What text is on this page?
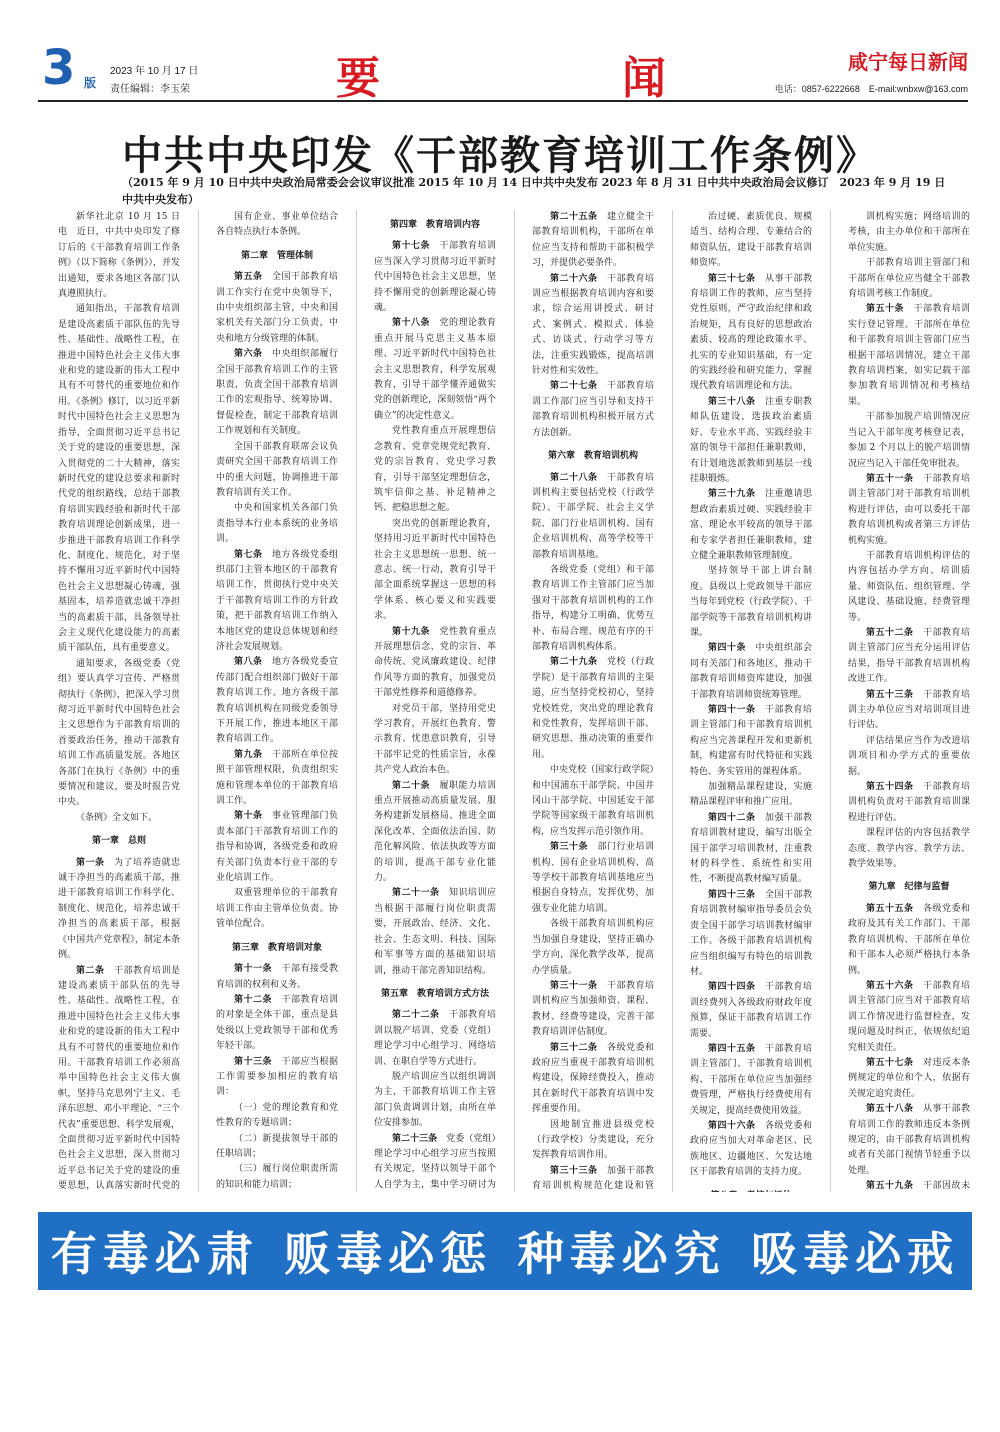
3 版
2023 年 10 月 17 日
责任编辑：李玉荣	要	闻	咸宁每日新闻
电话：0857-6222668　E-mail:wnbxw@163.com
中共中央印发《干部教育培训工作条例》
（2015 年 9 月 10 日中共中央政治局常委会会议审议批准 2015 年 10 月 14 日中共中央发布 2023 年 8 月 31 日中共中央政治局会议修订　2023 年 9 月 19 日中共中央发布）

新华社北京 10 月 15 日电　近日，中共中央印发了修订后的《干部教育培训工作条例》（以下简称《条例》），并发出通知，要求各地区各部门认真遵照执行。

通知指出，干部教育培训是建设高素质干部队伍的先导性、基础性、战略性工程，在推进中国特色社会主义伟大事业和党的建设新的伟大工程中具有不可替代的重要地位和作用。《条例》修订，以习近平新时代中国特色社会主义思想为指导，全面贯彻习近平总书记关于党的建设的重要思想，深入贯彻党的二十大精神，落实新时代党的建设总要求和新时代党的组织路线，总结干部教育培训实践经验和新时代干部教育培训理论创新成果，进一步推进干部教育培训工作科学化、制度化、规范化，对于坚持不懈用习近平新时代中国特色社会主义思想凝心铸魂，强基固本，培养造就忠诚干净担当的高素质干部，具备领导社会主义现代化建设能力的高素质干部队伍，具有重要意义。

通知要求，各级党委（党组）要认真学习宣传、严格贯彻执行《条例》，把深入学习贯彻习近平新时代中国特色社会主义思想作为干部教育培训的首要政治任务，推动干部教育培训工作高质量发展。各地区各部门在执行《条例》中的重要情况和建议，要及时报告党中央。

《条例》全文如下。

第一章　总则

第一条　 为了培养造就忠诚干净担当的高素质干部，推进干部教育培训工作科学化、制度化、规范化，培养忠诚干净担当的高素质干部，根据《中国共产党章程》，制定本条例。

第二条　 干部教育培训是建设高素质干部队伍的先导性、基础性、战略性工程，在推进中国特色社会主义伟大事业和党的建设新的伟大工程中具有不可替代的重要地位和作用。干部教育培训工作必须高举中国特色社会主义伟大旗帜，坚持马克思列宁主义、毛泽东思想、邓小平理论、“三个代表”重要思想、科学发展观，全面贯彻习近平新时代中国特色社会主义思想，深入贯彻习近平总书记关于党的建设的重要思想，认真落实新时代党的

国有企业、事业单位结合各自特点执行本条例。

第二章　管理体制

第五条　 全国干部教育培训工作实行在党中央领导下，由中央组织部主管，中央和国家机关有关部门分工负责，中央和地方分级管理的体制。

第六条　 中央组织部履行全国干部教育培训工作的主管职责，负责全国干部教育培训工作的宏观指导、统筹协调、督促检查，制定干部教育培训工作规划和有关制度。

全国干部教育联席会议负责研究全国干部教育培训工作中的重大问题，协调推进干部教育培训有关工作。

中央和国家机关各部门负责指导本行业本系统的业务培训。

第七条　 地方各级党委组织部门主管本地区的干部教育培训工作，贯彻执行党中央关于干部教育培训工作的方针政策，把干部教育培训工作纳入本地区党的建设总体规划和经济社会发展规划。

第八条　 地方各级党委宣传部门配合组织部门做好干部教育培训工作。地方各级干部教育培训机构在同级党委领导下开展工作，推进本地区干部教育培训工作。

第九条　 干部所在单位按照干部管理权限，负责组织实施和管理本单位的干部教育培训工作。

第十条　 事业管理部门负责本部门干部教育培训工作的指导和协调，各级党委和政府有关部门负责本行业干部的专业化培训工作。

双重管理单位的干部教育培训工作由主管单位负责。协管单位配合。

第三章　教育培训对象

第十一条　 干部有接受教育培训的权利和义务。

第十二条　 干部教育培训的对象是全体干部，重点是县处级以上党政领导干部和优秀年轻干部。

第十三条　 干部应当根据工作需要参加相应的教育培训：

（一）党的理论教育和党性教育的专题培训；

（二）新提拔领导干部的任职培训；

（三）履行岗位职责所需的知识和能力培训；

第四章　教育培训内容

第十七条　 干部教育培训应当深入学习贯彻习近平新时代中国特色社会主义思想，坚持不懈用党的创新理论凝心铸魂。

第十八条　 党的理论教育重点开展马克思主义基本原理、习近平新时代中国特色社会主义思想教育，科学发展观教育，引导干部学懂弄通做实党的创新理论，深刻领悟“两个确立”的决定性意义。

党性教育重点开展理想信念教育、党章党规党纪教育、党的宗旨教育、党史学习教育，引导干部坚定理想信念，筑牢信仰之基、补足精神之钙、把稳思想之舵。

突出党的创新理论教育，坚持用习近平新时代中国特色社会主义思想统一思想、统一意志、统一行动，教育引导干部全面系统掌握这一思想的科学体系、核心要义和实践要求。

第十九条　 党性教育重点开展理想信念、党的宗旨、革命传统、党风廉政建设、纪律作风等方面的教育，加强党员干部党性修养和道德修养。

对党员干部，坚持用党史学习教育，开展红色教育、警示教育、忧患意识教育，引导干部牢记党的性质宗旨，永葆共产党人政治本色。

第二十条　 履职能力培训重点开展推动高质量发展、服务构建新发展格局、推进全面深化改革、全面依法治国、防范化解风险、依法执政等方面的培训，提高干部专业化能力。

第二十一条　 知识培训应当根据干部履行岗位职责需要，开展政治、经济、文化、社会、生态文明、科技、国际和军事等方面的基础知识培训，推动干部完善知识结构。

第五章　教育培训方式方法

第二十二条　 干部教育培训以脱产培训、党委（党组）理论学习中心组学习、网络培训、在职自学等方式进行。

脱产培训应当以组织调训为主，干部教育培训工作主管部门负责调训计划，由所在单位安排参加。

第二十三条　 党委（党组）理论学习中心组学习应当按照有关规定，坚持以领导干部个人自学为主，集中学习研讨为

第二十五条　 建立健全干部教育培训机构，干部所在单位应当支持和帮助干部积极学习，并提供必要条件。

第二十六条　 干部教育培训应当根据教育培训内容和要求，综合运用讲授式、研讨式、案例式、模拟式、体验式、访谈式、行动学习等方法，注重实践锻炼，提高培训针对性和实效性。

第二十七条　 干部教育培训工作部门应当引导和支持干部教育培训机构积极开展方式方法创新。

第六章　教育培训机构

第二十八条　 干部教育培训机构主要包括党校（行政学院）、干部学院、社会主义学院、部门行业培训机构、国有企业培训机构、高等学校等干部教育培训基地。

各级党委（党组）和干部教育培训工作主管部门应当加强对干部教育培训机构的工作指导，构建分工明确、优势互补、布局合理、规范有序的干部教育培训机构体系。

第二十九条　 党校（行政学院）是干部教育培训的主渠道，应当坚持党校初心，坚持党校姓党，突出党的理论教育和党性教育，发挥培训干部、研究思想、推动决策的重要作用。

中央党校（国家行政学院）和中国浦东干部学院、中国井冈山干部学院、中国延安干部学院等国家级干部教育培训机构，应当发挥示范引领作用。

第三十条　 部门行业培训机构、国有企业培训机构、高等学校干部教育培训基地应当根据自身特点，发挥优势，加强专业化能力培训。

各级干部教育培训机构应当加强自身建设，坚持正确办学方向，深化教学改革，提高办学质量。

第三十一条　 干部教育培训机构应当加强师资、课程、教材、经费等建设，完善干部教育培训评估制度。

第三十二条　 各级党委和政府应当重视干部教育培训机构建设，保障经费投入，推动其在新时代干部教育培训中发挥重要作用。

因地制宜推进县级党校（行政学校）分类建设，充分发挥教育培训作用。

第三十三条　 加强干部教育培训机构规范化建设和管

治过硬、素质优良、规模适当、结构合理、专兼结合的师资队伍，建设干部教育培训师资库。

第三十七条　 从事干部教育培训工作的教师，应当坚持党性原则，严守政治纪律和政治规矩，具有良好的思想政治素质、较高的理论政策水平、扎实的专业知识基础，有一定的实践经验和研究能力，掌握现代教育培训理论和方法。

第三十八条　 注重专职教师队伍建设，选拔政治素质好、专业水平高、实践经验丰富的领导干部担任兼职教师，有计划地选派教师到基层一线挂职锻炼。

第三十九条　 注重邀请思想政治素质过硬、实践经验丰富、理论水平较高的领导干部和专家学者担任兼职教师，建立健全兼职教师管理制度。

坚持领导干部上讲台制度。县级以上党政领导干部应当每年到党校（行政学院）、干部学院等干部教育培训机构讲课。

第四十条　 中央组织部会同有关部门和各地区，推动干部教育培训师资库建设，加强干部教育培训师资统筹管理。

第四十一条　 干部教育培训主管部门和干部教育培训机构应当完善课程开发和更新机制，构建富有时代特征和实践特色、务实管用的课程体系。

加强精品课程建设，实施精品课程评审和推广应用。

第四十二条　 加强干部教育培训教材建设，编写出版全国干部学习培训教材，注重教材的科学性、系统性和实用性，不断提高教材编写质量。

第四十三条　 全国干部教育培训教材编审指导委员会负责全国干部学习培训教材编审工作。各级干部教育培训机构应当组织编写有特色的培训教材。

第四十四条　 干部教育培训经费列入各级政府财政年度预算，保证干部教育培训工作需要。

第四十五条　 干部教育培训主管部门、干部教育培训机构、干部所在单位应当加强经费管理，严格执行经费使用有关规定，提高经费使用效益。

第四十六条　 各级党委和政府应当加大对革命老区、民族地区、边疆地区、欠发达地区干部教育培训的支持力度。

训机构实施；网络培训的考核，由主办单位和干部所在单位实施。

干部教育培训主管部门和干部所在单位应当健全干部教育培训考核工作制度。

第五十条　 干部教育培训实行登记管理。干部所在单位和干部教育培训主管部门应当根据干部培训情况，建立干部教育培训档案，如实记载干部参加教育培训情况和考核结果。

干部参加脱产培训情况应当记入干部年度考核登记表，参加 2 个月以上的脱产培训情况应当记入干部任免审批表。

第五十一条　 干部教育培训主管部门对干部教育培训机构进行评估，由可以委托干部教育培训机构或者第三方评估机构实施。

干部教育培训机构评估的内容包括办学方向、培训质量、师资队伍、组织管理、学风建设、基础设施、经费管理等。

第五十二条　 干部教育培训主管部门应当充分运用评估结果，指导干部教育培训机构改进工作。

第五十三条　 干部教育培训主办单位应当对培训项目进行评估。

评估结果应当作为改进培训项目和办学方式的重要依据。

第五十四条　 干部教育培训机构负责对干部教育培训课程进行评估。

课程评估的内容包括教学态度、教学内容、教学方法、教学效果等。

第九章　纪律与监督

第五十五条　 各级党委和政府及其有关工作部门、干部教育培训机构、干部所在单位和干部本人必须严格执行本条例。

第五十六条　 干部教育培训主管部门应当对干部教育培训工作情况进行监督检查，发现问题及时纠正，依规依纪追究相关责任。

第五十七条　 对违反本条例规定的单位和个人，依据有关规定追究责任。

第五十八条　 从事干部教育培训工作的教师违反本条例规定的，由干部教育培训机构或者有关部门视情节轻重予以处理。

第五十九条　 干部因故未

有毒必肃 贩毒必惩 种毒必究 吸毒必戒
